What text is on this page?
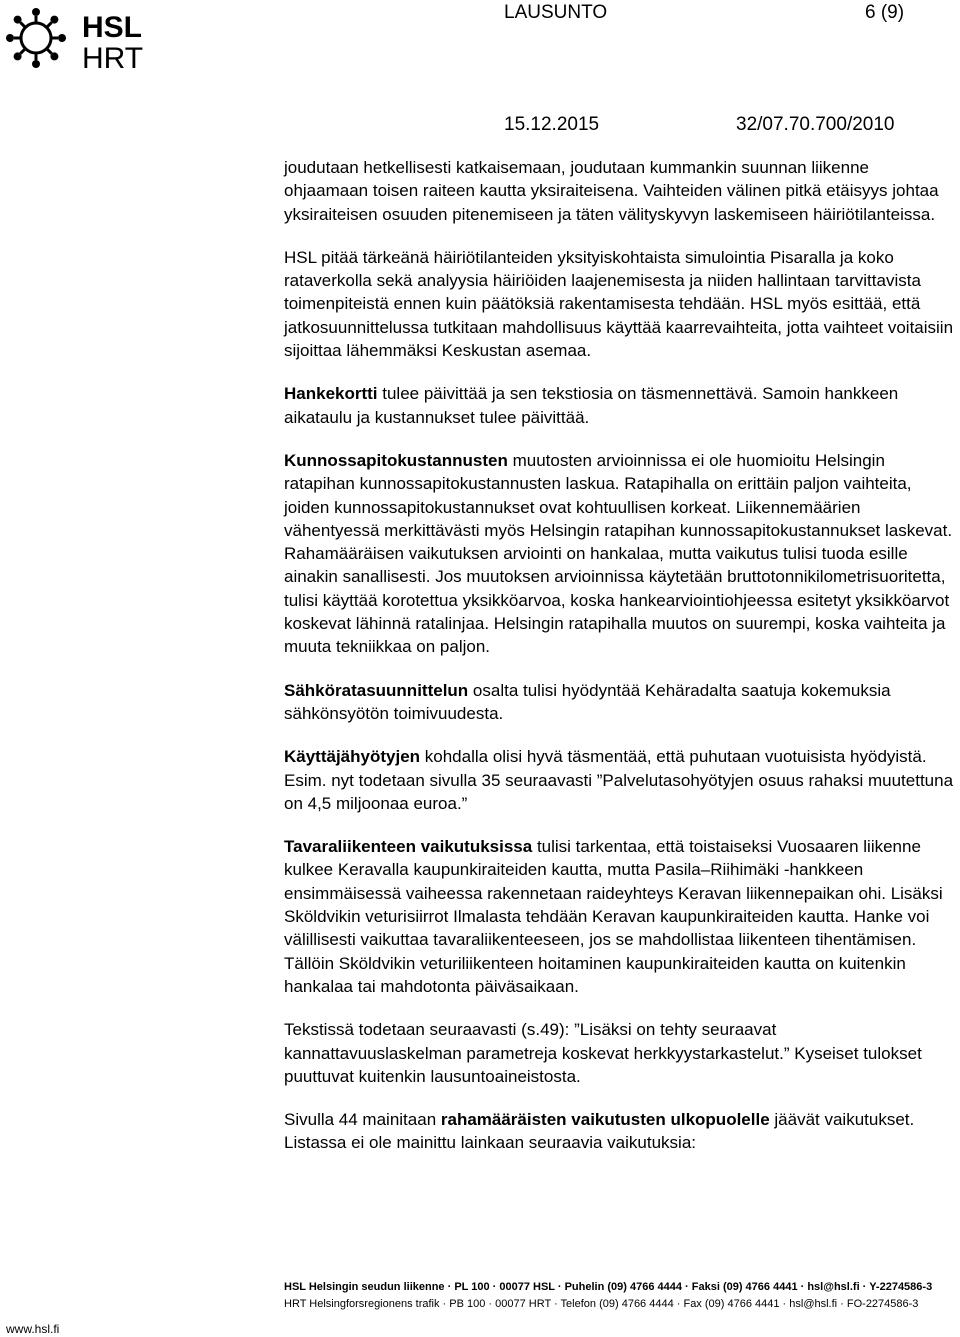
HSL
HRT
LAUSUNTO	6 (9)
15.12.2015	32/07.70.700/2010

joudutaan hetkellisesti katkaisemaan, joudutaan kummankin suunnan liikenne ohjaamaan toisen raiteen kautta yksiraiteisena. Vaihteiden välinen pitkä etäisyys johtaa yksiraiteisen osuuden pitenemiseen ja täten välityskyvyn laskemiseen häiriötilanteissa.

HSL pitää tärkeänä häiriötilanteiden yksityiskohtaista simulointia Pisaralla ja koko rataverkolla sekä analyysia häiriöiden laajenemisesta ja niiden hallintaan tarvittavista toimenpiteistä ennen kuin päätöksiä rakentamisesta tehdään. HSL myös esittää, että jatkosuunnittelussa tutkitaan mahdollisuus käyttää kaarrevaihteita, jotta vaihteet voitaisiin sijoittaa lähemmäksi Keskustan asemaa.

Hankekortti tulee päivittää ja sen tekstiosia on täsmennettävä. Samoin hankkeen aikataulu ja kustannukset tulee päivittää.

Kunnossapitokustannusten muutosten arvioinnissa ei ole huomioitu Helsingin ratapihan kunnossapitokustannusten laskua. Ratapihalla on erittäin paljon vaihteita, joiden kunnossapitokustannukset ovat kohtuullisen korkeat. Liikennemäärien vähentyessä merkittävästi myös Helsingin ratapihan kunnossapitokustannukset laskevat. Rahamääräisen vaikutuksen arviointi on hankalaa, mutta vaikutus tulisi tuoda esille ainakin sanallisesti. Jos muutoksen arvioinnissa käytetään bruttotonnikilometrisuoritetta, tulisi käyttää korotettua yksikköarvoa, koska hankearviointiohjeessa esitetyt yksikköarvot koskevat lähinnä ratalinjaa. Helsingin ratapihalla muutos on suurempi, koska vaihteita ja muuta tekniikkaa on paljon.

Sähköratasuunnittelun osalta tulisi hyödyntää Kehäradalta saatuja kokemuksia sähkönsyötön toimivuudesta.

Käyttäjähyötyjen kohdalla olisi hyvä täsmentää, että puhutaan vuotuisista hyödyistä. Esim. nyt todetaan sivulla 35 seuraavasti ”Palvelutasohyötyjen osuus rahaksi muutettuna on 4,5 miljoonaa euroa.”

Tavaraliikenteen vaikutuksissa tulisi tarkentaa, että toistaiseksi Vuosaaren liikenne kulkee Keravalla kaupunkiraiteiden kautta, mutta Pasila–Riihimäki -hankkeen ensimmäisessä vaiheessa rakennetaan raideyhteys Keravan liikennepaikan ohi. Lisäksi Sköldvikin veturisiirrot Ilmalasta tehdään Keravan kaupunkiraiteiden kautta. Hanke voi välillisesti vaikuttaa tavaraliikenteeseen, jos se mahdollistaa liikenteen tihentämisen. Tällöin Sköldvikin veturiliikenteen hoitaminen kaupunkiraiteiden kautta on kuitenkin hankalaa tai mahdotonta päiväsaikaan.

Tekstissä todetaan seuraavasti (s.49): ”Lisäksi on tehty seuraavat kannattavuuslaskelman parametreja koskevat herkkyystarkastelut.” Kyseiset tulokset puuttuvat kuitenkin lausuntoaineistosta.

Sivulla 44 mainitaan rahamääräisten vaikutusten ulkopuolelle jäävät vaikutukset. Listassa ei ole mainittu lainkaan seuraavia vaikutuksia:

HSL Helsingin seudun liikenne · PL 100 · 00077 HSL · Puhelin (09) 4766 4444 · Faksi (09) 4766 4441 · hsl@hsl.fi · Y-2274586-3
HRT Helsingforsregionens trafik · PB 100 · 00077 HRT · Telefon (09) 4766 4444 · Fax (09) 4766 4441 · hsl@hsl.fi · FO-2274586-3
www.hsl.fi
